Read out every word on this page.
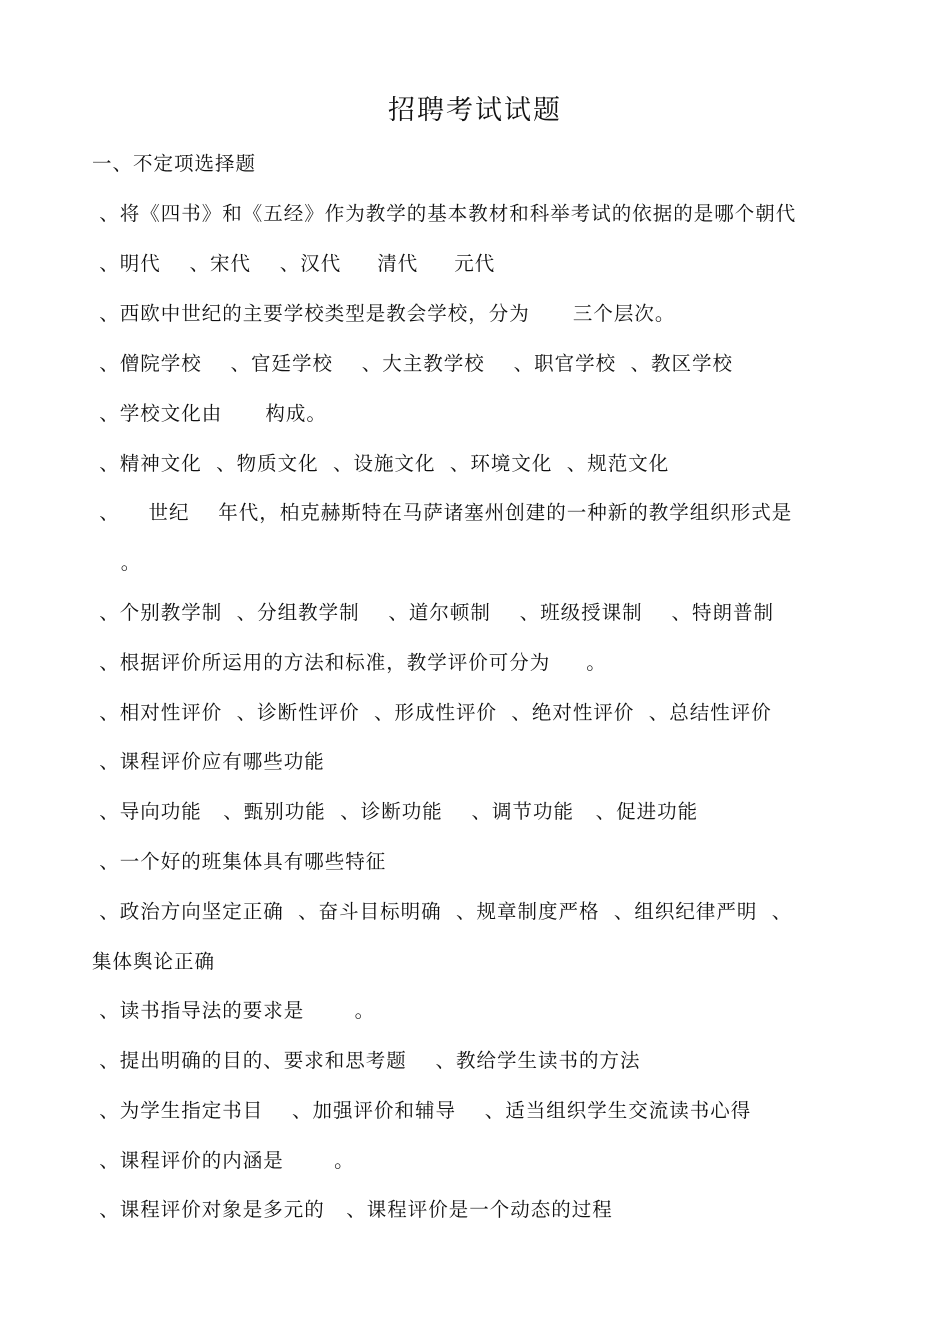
招聘考试试题
一、不定项选择题
、将《四书》和《五经》作为教学的基本教材和科举考试的依据的是哪个朝代
、明代    、宋代    、汉代     清代     元代
、西欧中世纪的主要学校类型是教会学校，分为      三个层次。
、僧院学校    、官廷学校    、大主教学校    、职官学校  、教区学校
、学校文化由      构成。
、精神文化  、物质文化  、设施文化  、环境文化  、规范文化
、    世纪    年代，柏克赫斯特在马萨诸塞州创建的一种新的教学组织形式是
。
、个别教学制  、分组教学制    、道尔顿制    、班级授课制    、特朗普制
、根据评价所运用的方法和标准，教学评价可分为     。
、相对性评价  、诊断性评价  、形成性评价  、绝对性评价  、总结性评价
、课程评价应有哪些功能
、导向功能   、甄别功能  、诊断功能    、调节功能   、促进功能
、一个好的班集体具有哪些特征
、政治方向坚定正确  、奋斗目标明确  、规章制度严格  、组织纪律严明  、
集体舆论正确
、读书指导法的要求是       。
、提出明确的目的、要求和思考题    、教给学生读书的方法
、为学生指定书目    、加强评价和辅导    、适当组织学生交流读书心得
、课程评价的内涵是       。
、课程评价对象是多元的   、课程评价是一个动态的过程
